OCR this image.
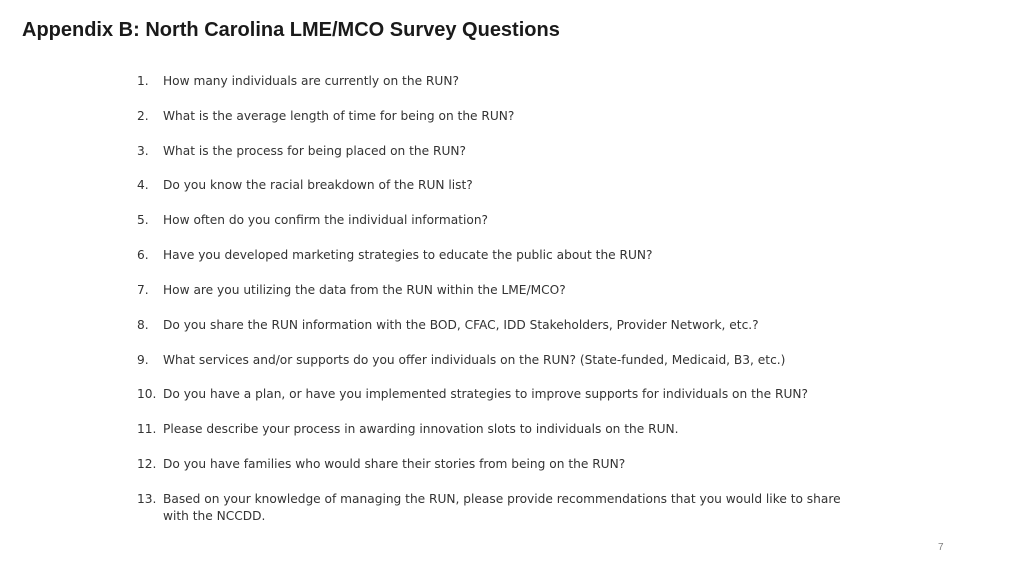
Appendix B: North Carolina LME/MCO Survey Questions
1.	How many individuals are currently on the RUN?
2.	What is the average length of time for being on the RUN?
3.	What is the process for being placed on the RUN?
4.	Do you know the racial breakdown of the RUN list?
5.	How often do you confirm the individual information?
6.	Have you developed marketing strategies to educate the public about the RUN?
7.	How are you utilizing the data from the RUN within the LME/MCO?
8.	Do you share the RUN information with the BOD, CFAC, IDD Stakeholders, Provider Network, etc.?
9.	What services and/or supports do you offer individuals on the RUN? (State-funded, Medicaid, B3, etc.)
10. Do you have a plan, or have you implemented strategies to improve supports for individuals on the RUN?
11. Please describe your process in awarding innovation slots to individuals on the RUN.
12. Do you have families who would share their stories from being on the RUN?
13. Based on your knowledge of managing the RUN, please provide recommendations that you would like to share with the NCCDD.
7
